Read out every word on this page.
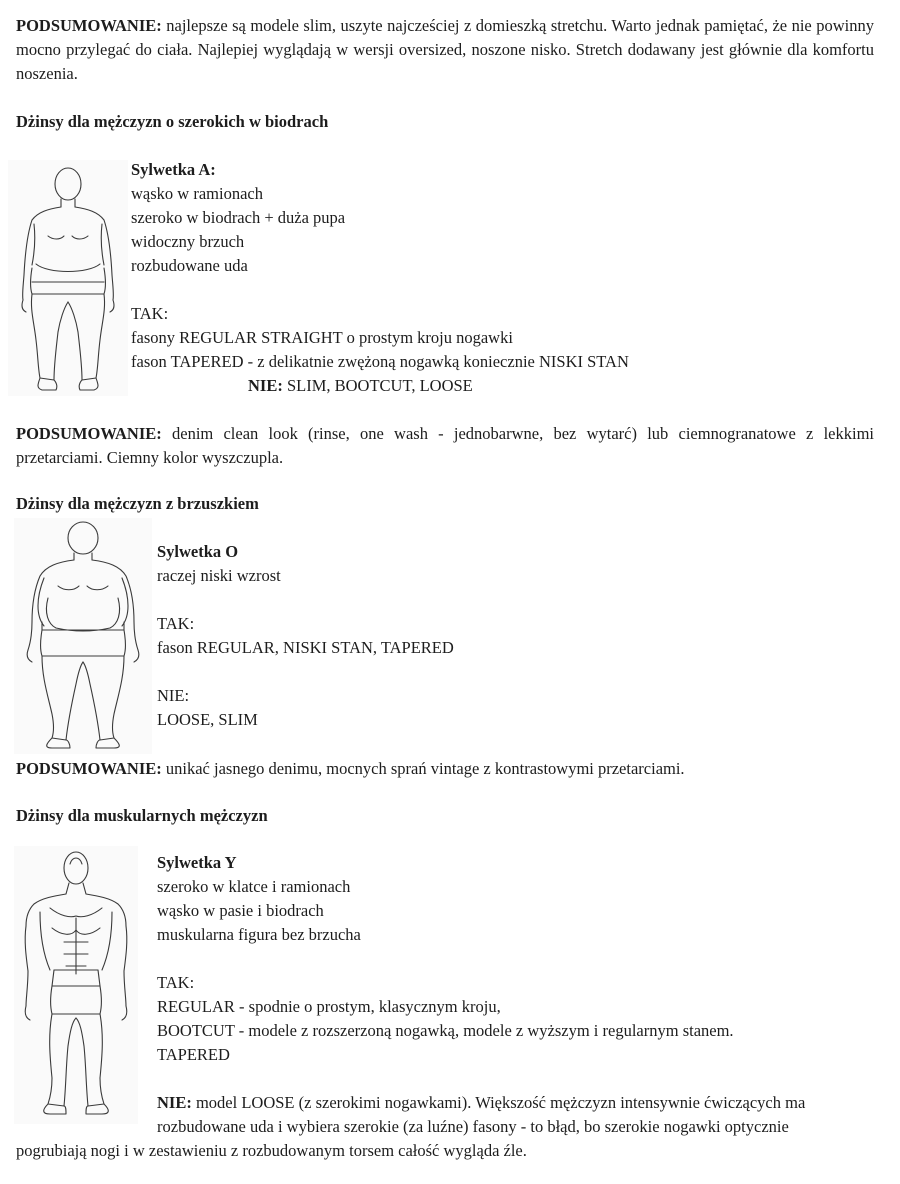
PODSUMOWANIE: najlepsze są modele slim, uszyte najcześciej z domieszką stretchu. Warto jednak pamiętać, że nie powinny mocno przylegać do ciała. Najlepiej wyglądają w wersji oversized, noszone nisko. Stretch dodawany jest głównie dla komfortu noszenia.

Dżinsy dla mężczyzn o szerokich w biodrach
Sylwetka A:
wąsko w ramionach
szeroko w biodrach + duża pupa
widoczny brzuch
rozbudowane uda
TAK:
fasony REGULAR STRAIGHT o prostym kroju nogawki
fason TAPERED - z delikatnie zwężoną nogawką koniecznie NISKI STAN
NIE: SLIM, BOOTCUT, LOOSE

PODSUMOWANIE: denim clean look (rinse, one wash - jednobarwne, bez wytarć) lub ciemnogranatowe z lekkimi przetarciami. Ciemny kolor wyszczupla.

Dżinsy dla mężczyzn z brzuszkiem
Sylwetka O
raczej niski wzrost
TAK:
fason REGULAR, NISKI STAN, TAPERED
NIE:
LOOSE, SLIM

PODSUMOWANIE: unikać jasnego denimu, mocnych sprań vintage z kontrastowymi przetarciami.

Dżinsy dla muskularnych mężczyzn
Sylwetka Y
szeroko w klatce i ramionach
wąsko w pasie i biodrach
muskularna figura bez brzucha
TAK:
REGULAR - spodnie o prostym, klasycznym kroju,
BOOTCUT - modele z rozszerzoną nogawką, modele z wyższym i regularnym stanem.
TAPERED
NIE: model LOOSE (z szerokimi nogawkami). Większość mężczyzn intensywnie ćwiczących ma
rozbudowane uda i wybiera szerokie (za luźne) fasony - to błąd, bo szerokie nogawki optycznie
pogrubiają nogi i w zestawieniu z rozbudowanym torsem całość wygląda źle.
